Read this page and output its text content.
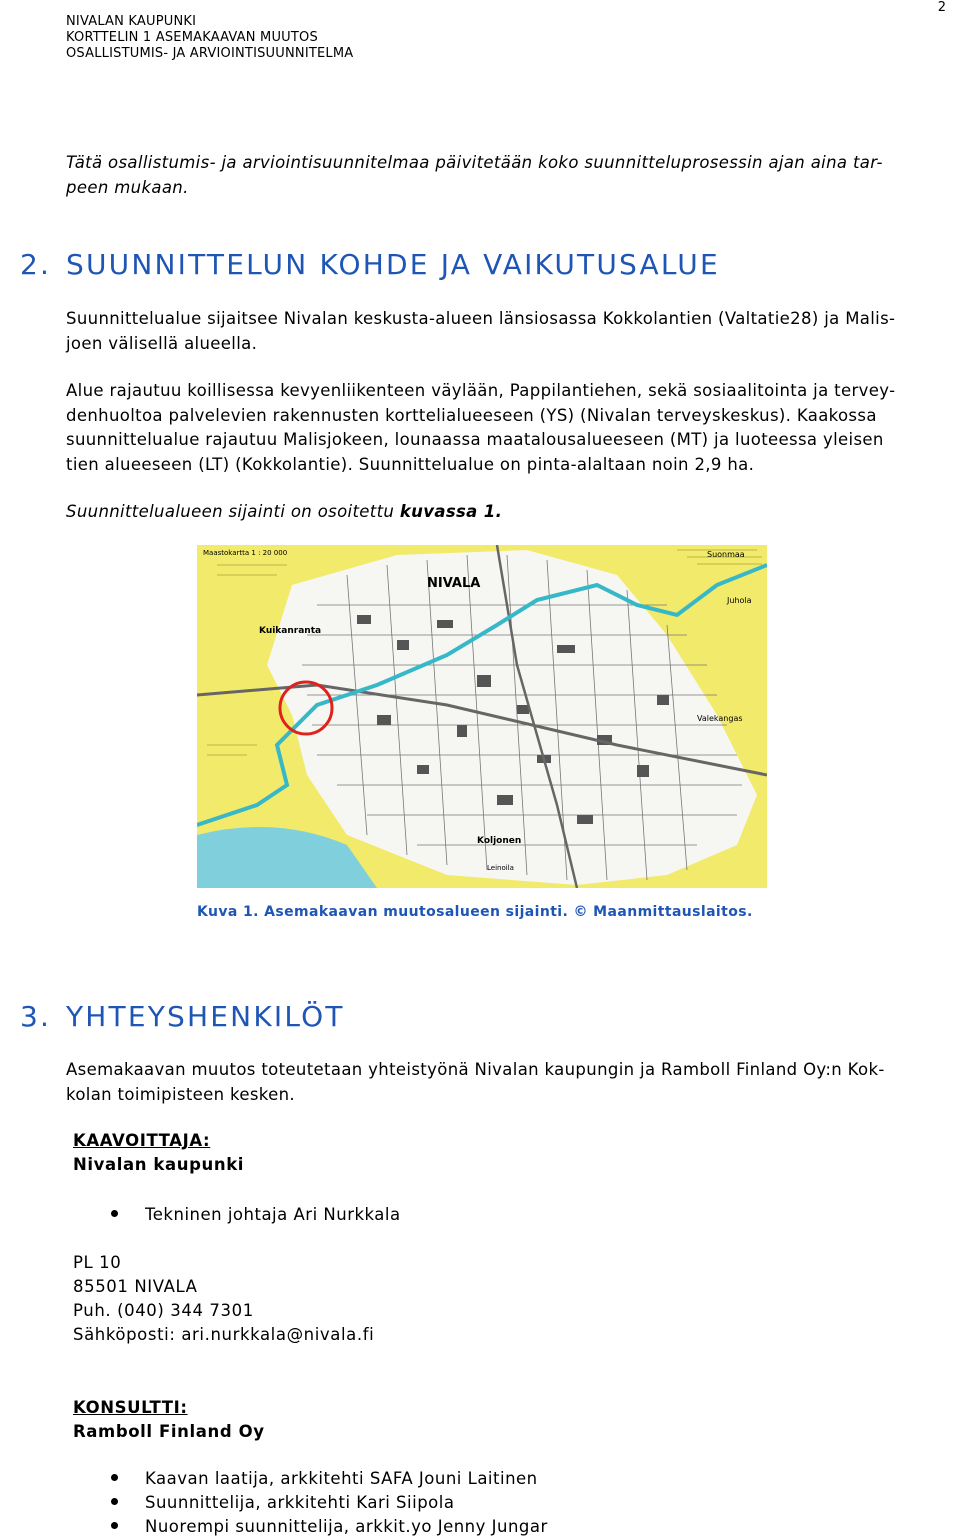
NIVALAN KAUPUNKI
KORTTELIN 1 ASEMAKAAVAN MUUTOS
OSALLISTUMIS- JA ARVIOINTISUUNNITELMA
2
Tätä osallistumis- ja arviointisuunnitelmaa päivitetään koko suunnitteluprosessin ajan aina tar-
peen mukaan.
2. SUUNNITTELUN KOHDE JA VAIKUTUSALUE
Suunnittelualue sijaitsee Nivalan keskusta-alueen länsiosassa Kokkolantien (Valtatie28) ja Malis-
joen välisellä alueella.
Alue rajautuu koillisessa kevyenliikenteen väylään, Pappilantiehen, sekä sosiaalitointa ja tervey-
denhuoltoa palvelevien rakennusten korttelialueeseen (YS) (Nivalan terveyskeskus). Kaakossa
suunnittelualue rajautuu Malisjokeen, lounaassa maatalousalueeseen (MT) ja luoteessa yleisen
tien alueeseen (LT) (Kokkolantie). Suunnittelualue on pinta-alaltaan noin 2,9 ha.
Suunnittelualueen sijainti on osoitettu kuvassa 1.
Maastokartta 1 : 20 000
NIVALA
Kuikanranta
Koljonen
Juhola
Valekangas
Suonmaa
Leinoila
Kuva 1. Asemakaavan muutosalueen sijainti. © Maanmittauslaitos.
3. YHTEYSHENKILÖT
Asemakaavan muutos toteutetaan yhteistyönä Nivalan kaupungin ja Ramboll Finland Oy:n Kok-
kolan toimipisteen kesken.
KAAVOITTAJA:
Nivalan kaupunki
Tekninen johtaja Ari Nurkkala
PL 10
85501 NIVALA
Puh. (040) 344 7301
Sähköposti: ari.nurkkala@nivala.fi
KONSULTTI:
Ramboll Finland Oy
Kaavan laatija, arkkitehti SAFA Jouni Laitinen
Suunnittelija, arkkitehti Kari Siipola
Nuorempi suunnittelija, arkkit.yo Jenny Jungar
